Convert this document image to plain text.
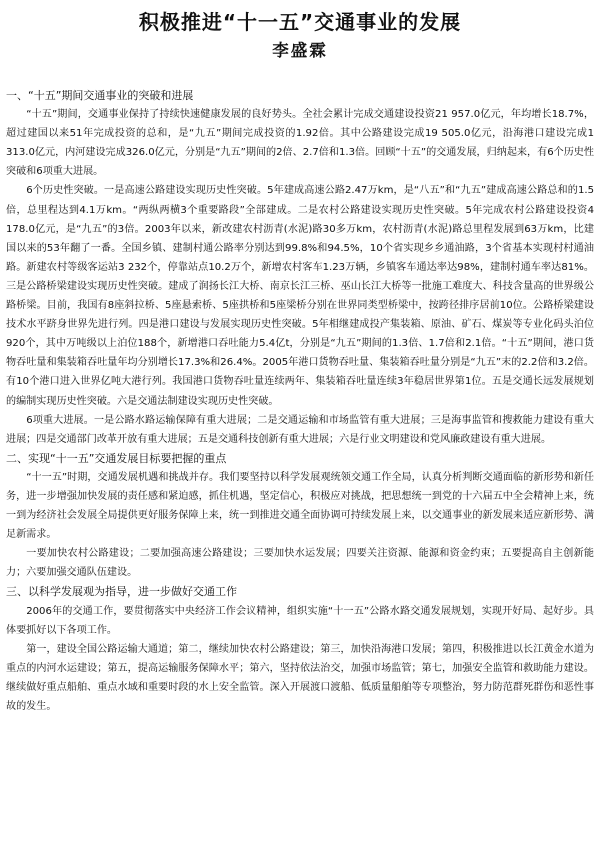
积极推进“十一五”交通事业的发展
李盛霖
一、“十五”期间交通事业的突破和进展

“十五”期间，交通事业保持了持续快速健康发展的良好势头。全社会累计完成交通建设投资21 957.0亿元，年均增长18.7%，超过建国以来51年完成投资的总和，是“九五”期间完成投资的1.92倍。其中公路建设完成19 505.0亿元，沿海港口建设完成1 313.0亿元，内河建设完成326.0亿元，分别是“九五”期间的2倍、2.7倍和1.3倍。回顾“十五”的交通发展，归纳起来，有6个历史性突破和6项重大进展。

6个历史性突破。一是高速公路建设实现历史性突破。5年建成高速公路2.47万km，是“八五”和“九五”建成高速公路总和的1.5倍，总里程达到4.1万km。“两纵两横3个重要路段”全部建成。二是农村公路建设实现历史性突破。5年完成农村公路建设投资4 178.0亿元，是“九五”的3倍。2003年以来，新改建农村沥青(水泥)路30多万km，农村沥青(水泥)路总里程发展到63万km，比建国以来的53年翻了一番。全国乡镇、建制村通公路率分别达到99.8%和94.5%，10个省实现乡乡通油路，3个省基本实现村村通油路。新建农村等级客运站3 232个，停靠站点10.2万个，新增农村客车1.23万辆，乡镇客车通达率达98%，建制村通车率达81%。三是公路桥梁建设实现历史性突破。建成了润扬长江大桥、南京长江三桥、巫山长江大桥等一批施工难度大、科技含量高的世界级公路桥梁。目前，我国有8座斜拉桥、5座悬索桥、5座拱桥和5座梁桥分别在世界同类型桥梁中，按跨径排序居前10位。公路桥梁建设技术水平跻身世界先进行列。四是港口建设与发展实现历史性突破。5年相继建成投产集装箱、原油、矿石、煤炭等专业化码头泊位920个，其中万吨级以上泊位188个，新增港口吞吐能力5.4亿t，分别是“九五”期间的1.3倍、1.7倍和2.1倍。“十五”期间，港口货物吞吐量和集装箱吞吐量年均分别增长17.3%和26.4%。2005年港口货物吞吐量、集装箱吞吐量分别是“九五”末的2.2倍和3.2倍。有10个港口进入世界亿吨大港行列。我国港口货物吞吐量连续两年、集装箱吞吐量连续3年稳居世界第1位。五是交通长远发展规划的编制实现历史性突破。六是交通法制建设实现历史性突破。

6项重大进展。一是公路水路运输保障有重大进展；二是交通运输和市场监管有重大进展；三是海事监管和搜救能力建设有重大进展；四是交通部门改革开放有重大进展；五是交通科技创新有重大进展；六是行业文明建设和党风廉政建设有重大进展。

二、实现“十一五”交通发展目标要把握的重点

“十一五”时期，交通发展机遇和挑战并存。我们要坚持以科学发展观统领交通工作全局，认真分析判断交通面临的新形势和新任务，进一步增强加快发展的责任感和紧迫感，抓住机遇，坚定信心，积极应对挑战，把思想统一到党的十六届五中全会精神上来，统一到为经济社会发展全局提供更好服务保障上来，统一到推进交通全面协调可持续发展上来，以交通事业的新发展来适应新形势、满足新需求。

一要加快农村公路建设；二要加强高速公路建设；三要加快水运发展；四要关注资源、能源和资金约束；五要提高自主创新能力；六要加强交通队伍建设。

三、以科学发展观为指导，进一步做好交通工作

2006年的交通工作，要贯彻落实中央经济工作会议精神，组织实施“十一五”公路水路交通发展规划，实现开好局、起好步。具体要抓好以下各项工作。

第一，建设全国公路运输大通道；第二，继续加快农村公路建设；第三，加快沿海港口发展；第四，积极推进以长江黄金水道为重点的内河水运建设；第五，提高运输服务保障水平；第六，坚持依法治交，加强市场监管；第七，加强安全监管和救助能力建设。继续做好重点船舶、重点水域和重要时段的水上安全监管。深入开展渡口渡船、低质量船舶等专项整治，努力防范群死群伤和恶性事故的发生。
